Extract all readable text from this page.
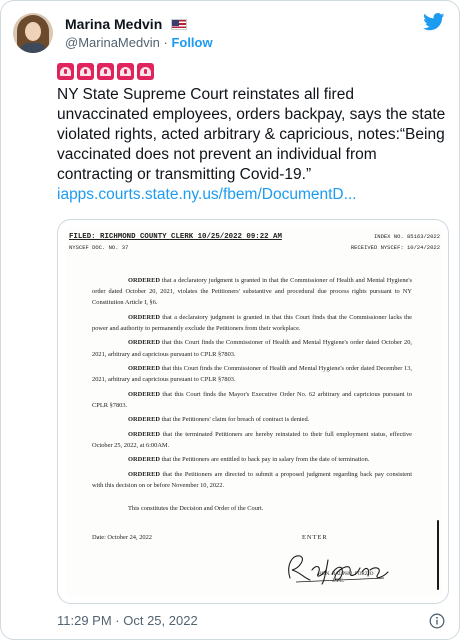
Marina Medvin
@MarinaMedvin · Follow
NY State Supreme Court reinstates all fired unvaccinated employees, orders backpay, says the state violated rights, acted arbitrary & capricious, notes:“Being vaccinated does not prevent an individual from contracting or transmitting Covid-19.”
iapps.courts.state.ny.us/fbem/DocumentD...
FILED: RICHMOND COUNTY CLERK 10/25/2022 09:22 AM	INDEX NO. 85163/2022
NYSCEF DOC. NO. 37	RECEIVED NYSCEF: 10/24/2022

ORDERED that a declaratory judgment is granted in that the Commissioner of Health and Mental Hygiene's order dated October 20, 2021, violates the Petitioners' substantive and procedural due process rights pursuant to NY Constitution Article I, §6.

ORDERED that a declaratory judgment is granted in that this Court finds that the Commissioner lacks the power and authority to permanently exclude the Petitioners from their workplace.

ORDERED that this Court finds the Commissioner of Health and Mental Hygiene's order dated October 20, 2021, arbitrary and capricious pursuant to CPLR §7803.

ORDERED that this Court finds the Commissioner of Health and Mental Hygiene's order dated December 13, 2021, arbitrary and capricious pursuant to CPLR §7803.

ORDERED that this Court finds the Mayor's Executive Order No. 62 arbitrary and capricious pursuant to CPLR §7803.

ORDERED that the Petitioners' claim for breach of contract is denied.

ORDERED that the terminated Petitioners are hereby reinstated to their full employment status, effective October 25, 2022, at 6:00AM.

ORDERED that the Petitioners are entitled to back pay in salary from the date of termination.

ORDERED that the Petitioners are directed to submit a proposed judgment regarding back pay consistent with this decision on or before November 10, 2022.

This constitutes the Decision and Order of the Court.

Date: October 24, 2022	ENTER
HON. RALPH J. PORZIO
J.S.C.
11:29 PM · Oct 25, 2022
